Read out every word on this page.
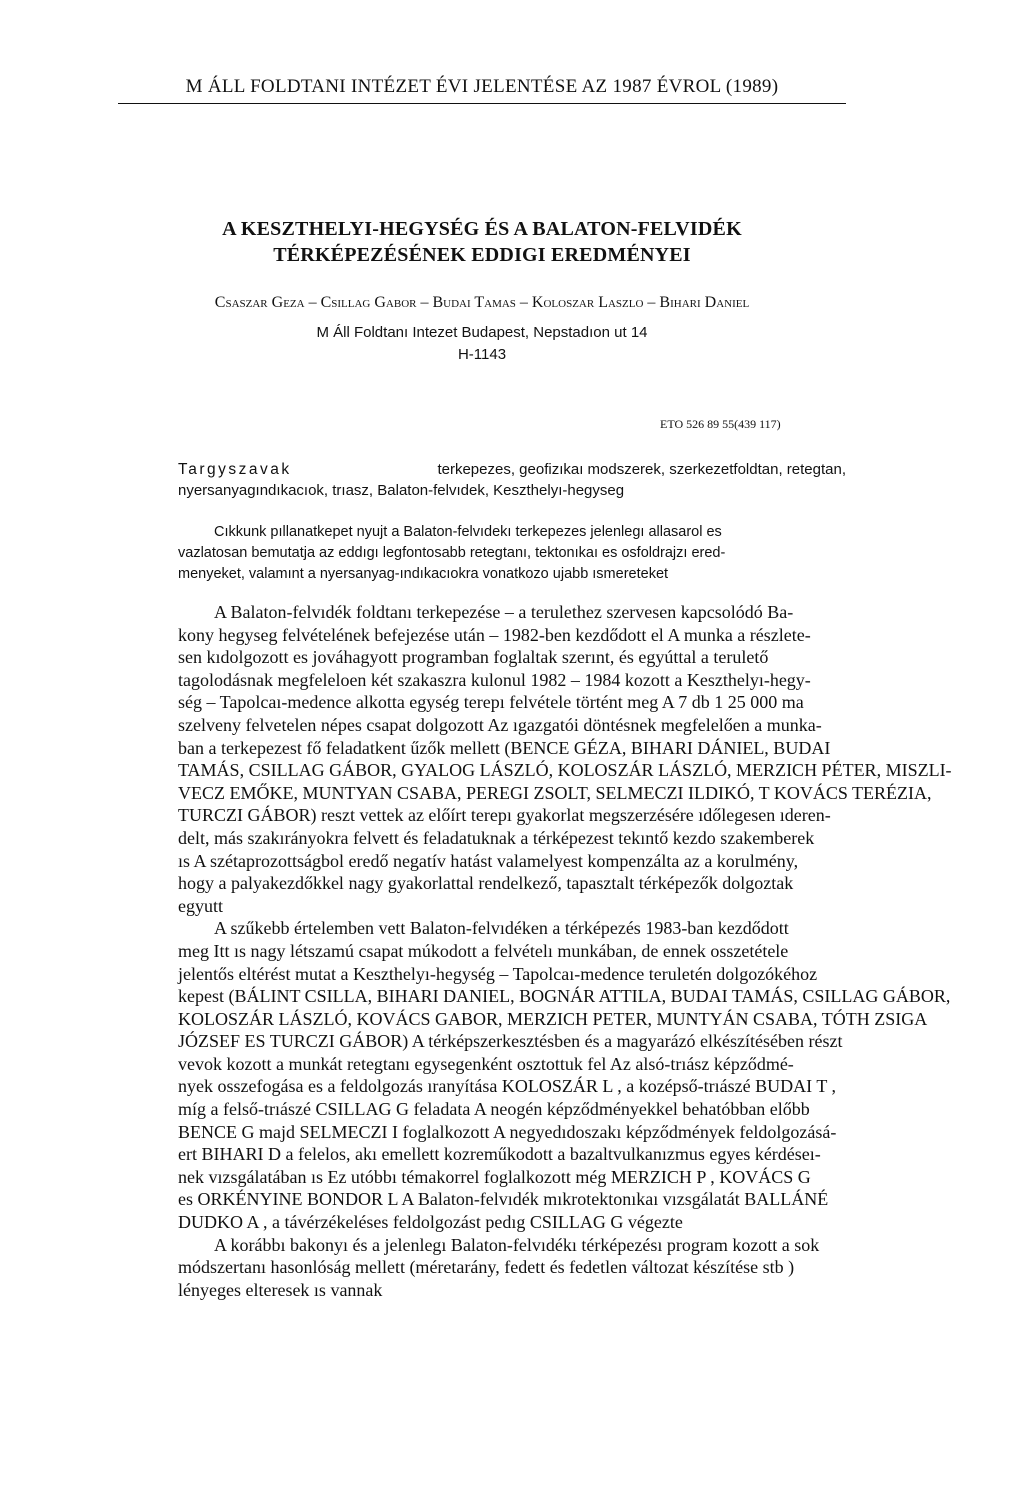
M ÁLL FOLDTANI INTÉZET ÉVI JELENTÉSE AZ 1987 ÉVROL (1989)
A KESZTHELYI-HEGYSÉG ÉS A BALATON-FELVIDÉK
TÉRKÉPEZÉSÉNEK EDDIGI EREDMÉNYEI
Csaszar Geza – Csillag Gabor – Budai Tamas – Koloszar Laszlo – Bihari Daniel
M Áll Foldtanı Intezet Budapest, Nepstadıon ut 14
H-1143
ETO 526 89 55(439 117)
Targyszavak	terkepezes, geofizıkaı modszerek, szerkezetfoldtan, retegtan,
nyersanyagındıkacıok, trıasz, Balaton-felvıdek, Keszthelyı-hegyseg
Cıkkunk pıllanatkepet nyujt a Balaton-felvıdekı terkepezes jelenlegı allasarol es
vazlatosan bemutatja az eddıgı legfontosabb retegtanı, tektonıkaı es osfoldrajzı ered-
menyeket, valamınt a nyersanyag-ındıkacıokra vonatkozo ujabb ısmereteket
A Balaton-felvıdék foldtanı terkepezése – a terulethez szervesen kapcsolódó Ba-
kony hegyseg felvételének befejezése után – 1982-ben kezdődott el A munka a részlete-
sen kıdolgozott es jováhagyott programban foglaltak szerınt, és egyúttal a terulető
tagolodásnak megfeleloen két szakaszra kulonul 1982 – 1984 kozott a Keszthelyı-hegy-
ség – Tapolcaı-medence alkotta egység terepı felvétele történt meg A 7 db 1 25 000 ma
szelveny felvetelen népes csapat dolgozott Az ıgazgatói döntésnek megfelelően a munka-
ban a terkepezest fő feladatkent űzők mellett (BENCE GÉZA, BIHARI DÁNIEL, BUDAI
TAMÁS, CSILLAG GÁBOR, GYALOG LÁSZLÓ, KOLOSZÁR LÁSZLÓ, MERZICH PÉTER, MISZLI-
VECZ EMŐKE, MUNTYAN CSABA, PEREGI ZSOLT, SELMECZI ILDIKÓ, T KOVÁCS TERÉZIA,
TURCZI GÁBOR) reszt vettek az előírt terepı gyakorlat megszerzésére ıdőlegesen ıderen-
delt, más szakırányokra felvett és feladatuknak a térképezest tekıntő kezdo szakemberek
ıs A szétaprozottságbol eredő negatív hatást valamelyest kompenzálta az a korulmény,
hogy a palyakezdőkkel nagy gyakorlattal rendelkező, tapasztalt térképezők dolgoztak
egyutt
A szűkebb értelemben vett Balaton-felvıdéken a térképezés 1983-ban kezdődott
meg Itt ıs nagy létszamú csapat múkodott a felvételı munkában, de ennek osszetétele
jelentős eltérést mutat a Keszthelyı-hegység – Tapolcaı-medence teruletén dolgozókéhoz
kepest (BÁLINT CSILLA, BIHARI DANIEL, BOGNÁR ATTILA, BUDAI TAMÁS, CSILLAG GÁBOR,
KOLOSZÁR LÁSZLÓ, KOVÁCS GABOR, MERZICH PETER, MUNTYÁN CSABA, TÓTH ZSIGA
JÓZSEF ES TURCZI GÁBOR) A térképszerkesztésben és a magyarázó elkészítésében részt
vevok kozott a munkát retegtanı egysegenként osztottuk fel Az alsó-trıász képződmé-
nyek osszefogása es a feldolgozás ıranyítása KOLOSZÁR L , a kozépső-trıászé BUDAI T ,
míg a felső-trıászé CSILLAG G feladata A neogén képződményekkel behatóbban előbb
BENCE G majd SELMECZI I foglalkozott A negyedıdoszakı képződmények feldolgozásá-
ert BIHARI D a felelos, akı emellett kozreműkodott a bazaltvulkanızmus egyes kérdéseı-
nek vızsgálatában ıs Ez utóbbı témakorrel foglalkozott még MERZICH P , KOVÁCS G
es ORKÉNYINE BONDOR L A Balaton-felvıdék mıkrotektonıkaı vızsgálatát BALLÁNÉ
DUDKO A , a távérzékeléses feldolgozást pedıg CSILLAG G végezte
A korábbı bakonyı és a jelenlegı Balaton-felvıdékı térképezésı program kozott a sok
módszertanı hasonlóság mellett (méretarány, fedett és fedetlen változat készítése stb )
lényeges elteresek ıs vannak
